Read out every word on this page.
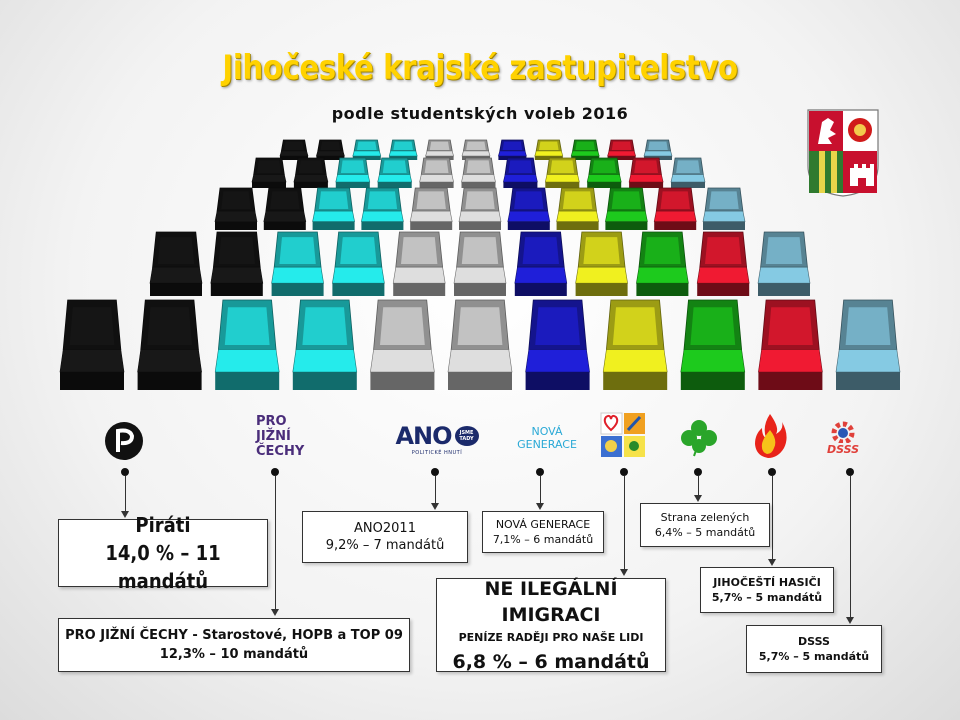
Jihočeské krajské zastupitelstvo
podle studentských voleb 2016
PRO
JIŽNÍ
ČECHY
ANO	JSME TADY
POLITICKÉ HNUTÍ
NOVÁ
GENERACE	DSSS
Piráti
14,0 % – 11 mandátů
PRO JIŽNÍ ČECHY - Starostové, HOPB a TOP 09
12,3% – 10 mandátů
ANO2011
9,2% – 7 mandátů
NOVÁ GENERACE
7,1% – 6 mandátů
NE ILEGÁLNÍ IMIGRACI
PENÍZE RADĚJI PRO NAŠE LIDI
6,8 % – 6 mandátů
Strana zelených
6,4% – 5 mandátů
JIHOČEŠTÍ HASIČI
5,7% – 5 mandátů
DSSS
5,7% – 5 mandátů
